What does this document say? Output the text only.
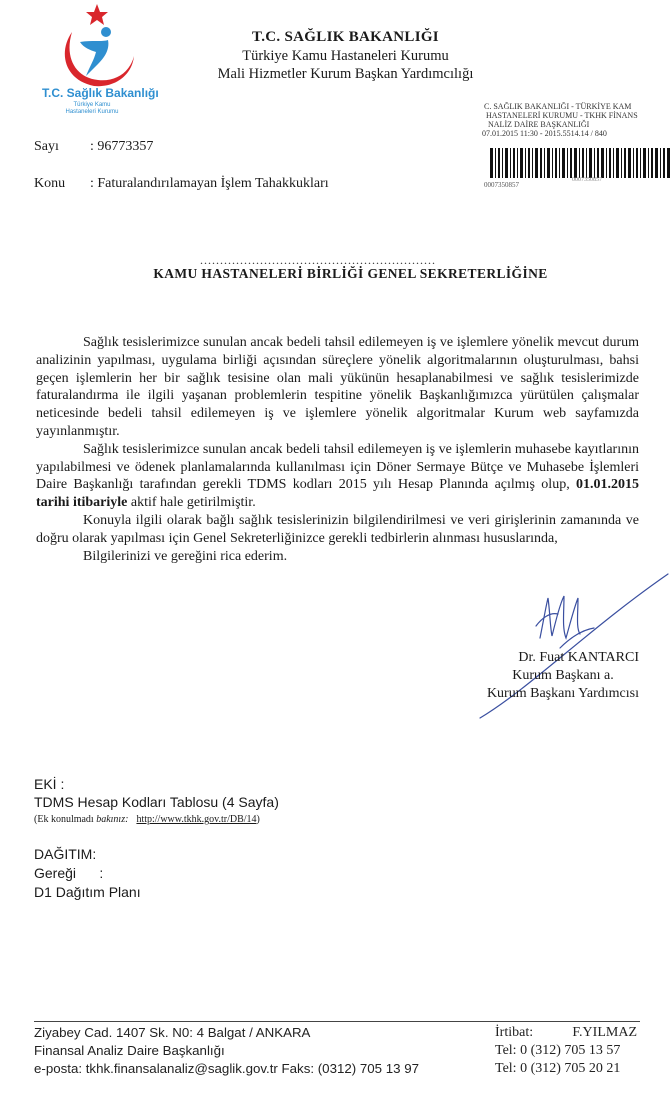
T.C. Sağlık Bakanlığı
Türkiye Kamu
Hastaneleri Kurumu
T.C. SAĞLIK BAKANLIĞI
Türkiye Kamu Hastaneleri Kurumu
Mali Hizmetler Kurum Başkan Yardımcılığı
C. SAĞLIK BAKANLIĞI - TÜRKİYE KAM
HASTANELERİ KURUMU - TKHK FİNANS
NALİZ DAİRE BAŞKANLIĞI
07.01.2015 11:30 - 2015.5514.14 / 840
0007350857
0007350857
Sayı : 96773357
Konu : Faturalandırılamayan İşlem Tahakkukları
...........................................................
KAMU HASTANELERİ BİRLİĞİ GENEL SEKRETERLİĞİNE

Sağlık tesislerimizce sunulan ancak bedeli tahsil edilemeyen iş ve işlemlere yönelik mevcut durum analizinin yapılması, uygulama birliği açısından süreçlere yönelik algoritmalarının oluşturulması, bahsi geçen işlemlerin her bir sağlık tesisine olan mali yükünün hesaplanabilmesi ve sağlık tesislerimizde faturalandırma ile ilgili yaşanan problemlerin tespitine yönelik Başkanlığımızca yürütülen çalışmalar neticesinde bedeli tahsil edilemeyen iş ve işlemlere yönelik algoritmalar Kurum web sayfamızda yayınlanmıştır.

Sağlık tesislerimizce sunulan ancak bedeli tahsil edilemeyen iş ve işlemlerin muhasebe kayıtlarının yapılabilmesi ve ödenek planlamalarında kullanılması için Döner Sermaye Bütçe ve Muhasebe İşlemleri Daire Başkanlığı tarafından gerekli TDMS kodları 2015 yılı Hesap Planında açılmış olup, 01.01.2015 tarihi itibariyle aktif hale getirilmiştir.

Konuyla ilgili olarak bağlı sağlık tesislerinizin bilgilendirilmesi ve veri girişlerinin zamanında ve doğru olarak yapılması için Genel Sekreterliğinizce gerekli tedbirlerin alınması hususlarında,

Bilgilerinizi ve gereğini rica ederim.

Dr. Fuat KANTARCI
Kurum Başkanı a.
Kurum Başkanı Yardımcısı
EKİ :
TDMS Hesap Kodları Tablosu (4 Sayfa)
(Ek konulmadı bakınız: http://www.tkhk.gov.tr/DB/14)
DAĞITIM:
Gereği      :
D1 Dağıtım Planı
Ziyabey Cad. 1407 Sk. N0: 4 Balgat / ANKARA
Finansal Analiz Daire Başkanlığı
e-posta: tkhk.finansalanaliz@saglik.gov.tr Faks: (0312) 705 13 97
İrtibat:	F.YILMAZ
Tel: 0 (312) 705 13 57
Tel: 0 (312) 705 20 21
